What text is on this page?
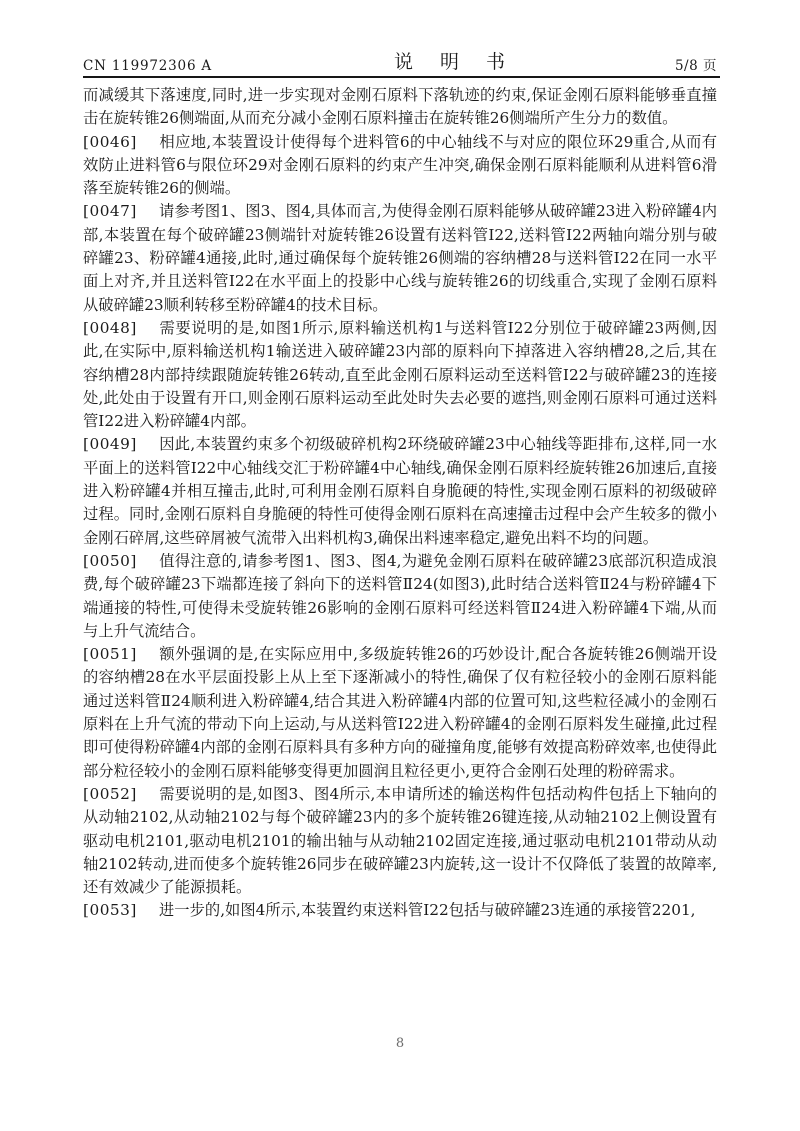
CN 119972306 A	说　明　书	5/8 页

而减缓其下落速度,同时,进一步实现对金刚石原料下落轨迹的约束,保证金刚石原料能够垂直撞击在旋转锥26侧端面,从而充分减小金刚石原料撞击在旋转锥26侧端所产生分力的数值。

[0046] 相应地,本装置设计使得每个进料管6的中心轴线不与对应的限位环29重合,从而有效防止进料管6与限位环29对金刚石原料的约束产生冲突,确保金刚石原料能顺利从进料管6滑落至旋转锥26的侧端。

[0047] 请参考图1、图3、图4,具体而言,为使得金刚石原料能够从破碎罐23进入粉碎罐4内部,本装置在每个破碎罐23侧端针对旋转锥26设置有送料管I22,送料管I22两轴向端分别与破碎罐23、粉碎罐4通接,此时,通过确保每个旋转锥26侧端的容纳槽28与送料管I22在同一水平面上对齐,并且送料管I22在水平面上的投影中心线与旋转锥26的切线重合,实现了金刚石原料从破碎罐23顺利转移至粉碎罐4的技术目标。

[0048] 需要说明的是,如图1所示,原料输送机构1与送料管I22分别位于破碎罐23两侧,因此,在实际中,原料输送机构1输送进入破碎罐23内部的原料向下掉落进入容纳槽28,之后,其在容纳槽28内部持续跟随旋转锥26转动,直至此金刚石原料运动至送料管I22与破碎罐23的连接处,此处由于设置有开口,则金刚石原料运动至此处时失去必要的遮挡,则金刚石原料可通过送料管I22进入粉碎罐4内部。

[0049] 因此,本装置约束多个初级破碎机构2环绕破碎罐23中心轴线等距排布,这样,同一水平面上的送料管I22中心轴线交汇于粉碎罐4中心轴线,确保金刚石原料经旋转锥26加速后,直接进入粉碎罐4并相互撞击,此时,可利用金刚石原料自身脆硬的特性,实现金刚石原料的初级破碎过程。同时,金刚石原料自身脆硬的特性可使得金刚石原料在高速撞击过程中会产生较多的微小金刚石碎屑,这些碎屑被气流带入出料机构3,确保出料速率稳定,避免出料不均的问题。

[0050] 值得注意的,请参考图1、图3、图4,为避免金刚石原料在破碎罐23底部沉积造成浪费,每个破碎罐23下端都连接了斜向下的送料管Ⅱ24(如图3),此时结合送料管Ⅱ24与粉碎罐4下端通接的特性,可使得未受旋转锥26影响的金刚石原料可经送料管Ⅱ24进入粉碎罐4下端,从而与上升气流结合。

[0051] 额外强调的是,在实际应用中,多级旋转锥26的巧妙设计,配合各旋转锥26侧端开设的容纳槽28在水平层面投影上从上至下逐渐减小的特性,确保了仅有粒径较小的金刚石原料能通过送料管Ⅱ24顺利进入粉碎罐4,结合其进入粉碎罐4内部的位置可知,这些粒径减小的金刚石原料在上升气流的带动下向上运动,与从送料管I22进入粉碎罐4的金刚石原料发生碰撞,此过程即可使得粉碎罐4内部的金刚石原料具有多种方向的碰撞角度,能够有效提高粉碎效率,也使得此部分粒径较小的金刚石原料能够变得更加圆润且粒径更小,更符合金刚石处理的粉碎需求。

[0052] 需要说明的是,如图3、图4所示,本申请所述的输送构件包括动构件包括上下轴向的从动轴2102,从动轴2102与每个破碎罐23内的多个旋转锥26键连接,从动轴2102上侧设置有驱动电机2101,驱动电机2101的输出轴与从动轴2102固定连接,通过驱动电机2101带动从动轴2102转动,进而使多个旋转锥26同步在破碎罐23内旋转,这一设计不仅降低了装置的故障率,还有效减少了能源损耗。

[0053] 进一步的,如图4所示,本装置约束送料管I22包括与破碎罐23连通的承接管2201,

8
